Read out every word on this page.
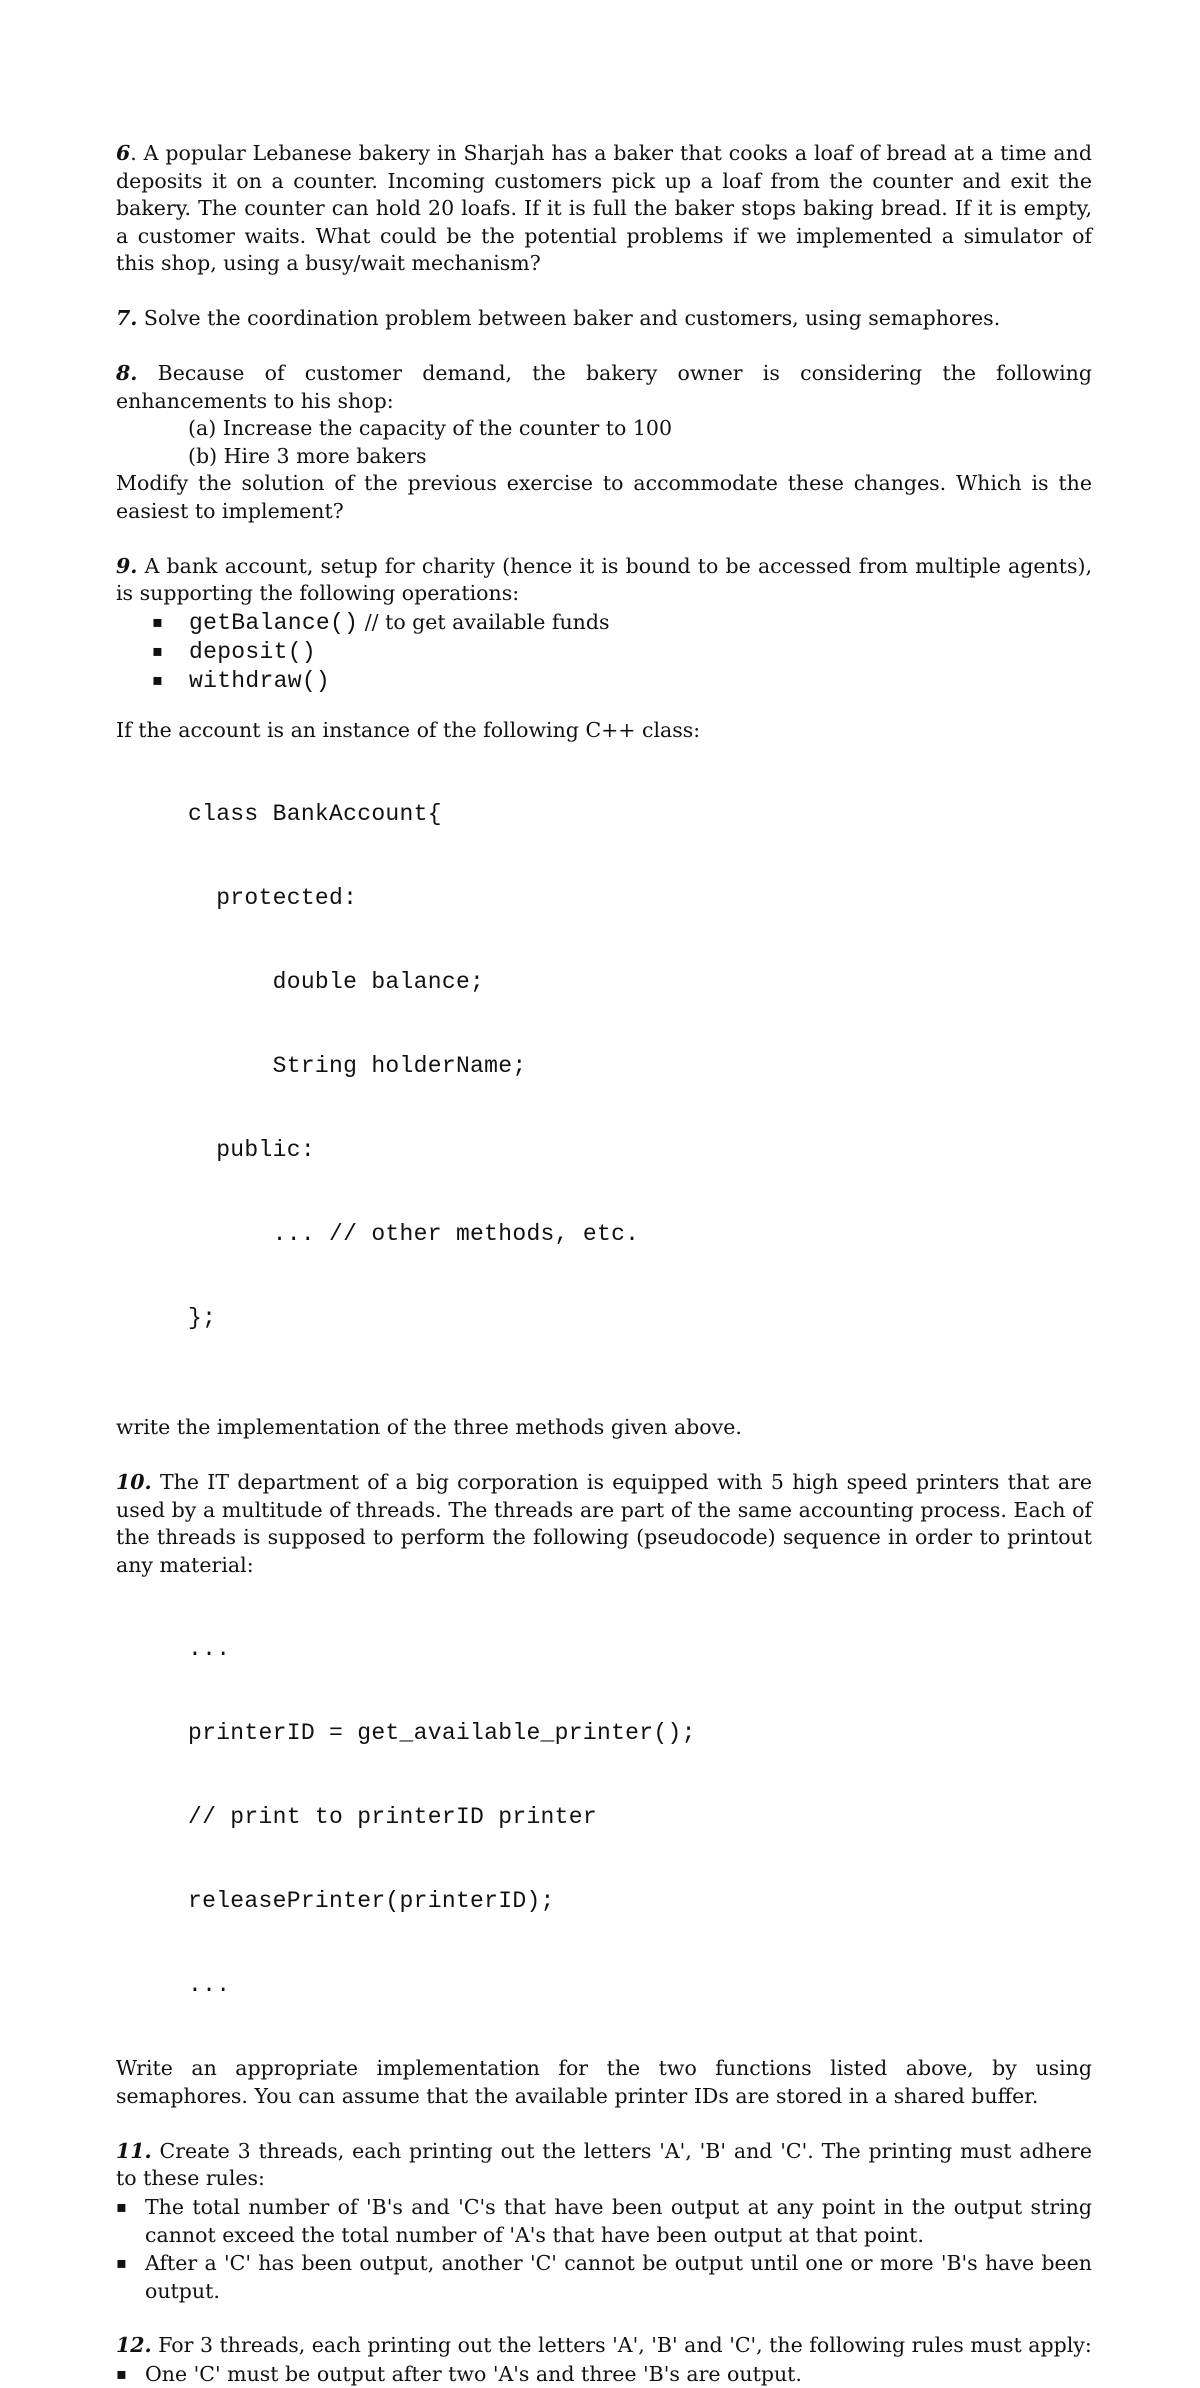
6. A popular Lebanese bakery in Sharjah has a baker that cooks a loaf of bread at a time and deposits it on a counter. Incoming customers pick up a loaf from the counter and exit the bakery. The counter can hold 20 loafs. If it is full the baker stops baking bread. If it is empty, a customer waits. What could be the potential problems if we implemented a simulator of this shop, using a busy/wait mechanism?

7. Solve the coordination problem between baker and customers, using semaphores.

8. Because of customer demand, the bakery owner is considering the following enhancements to his shop:

(a) Increase the capacity of the counter to 100

(b) Hire 3 more bakers

Modify the solution of the previous exercise to accommodate these changes. Which is the easiest to implement?

9. A bank account, setup for charity (hence it is bound to be accessed from multiple agents), is supporting the following operations:

▪ getBalance() // to get available funds
▪ deposit()
▪ withdraw()

If the account is an instance of the following C++ class:

class BankAccount{

protected:

double balance;

String holderName;

public:

... // other methods, etc.

};

write the implementation of the three methods given above.

10. The IT department of a big corporation is equipped with 5 high speed printers that are used by a multitude of threads. The threads are part of the same accounting process. Each of the threads is supposed to perform the following (pseudocode) sequence in order to printout any material:

...

printerID = get_available_printer();

// print to printerID printer

releasePrinter(printerID);

...

Write an appropriate implementation for the two functions listed above, by using semaphores. You can assume that the available printer IDs are stored in a shared buffer.

11. Create 3 threads, each printing out the letters 'A', 'B' and 'C'. The printing must adhere to these rules:

▪ The total number of 'B's and 'C's that have been output at any point in the output string cannot exceed the total number of 'A's that have been output at that point.
▪ After a 'C' has been output, another 'C' cannot be output until one or more 'B's have been output.

12. For 3 threads, each printing out the letters 'A', 'B' and 'C', the following rules must apply:

▪ One 'C' must be output after two 'A's and three 'B's are output.
